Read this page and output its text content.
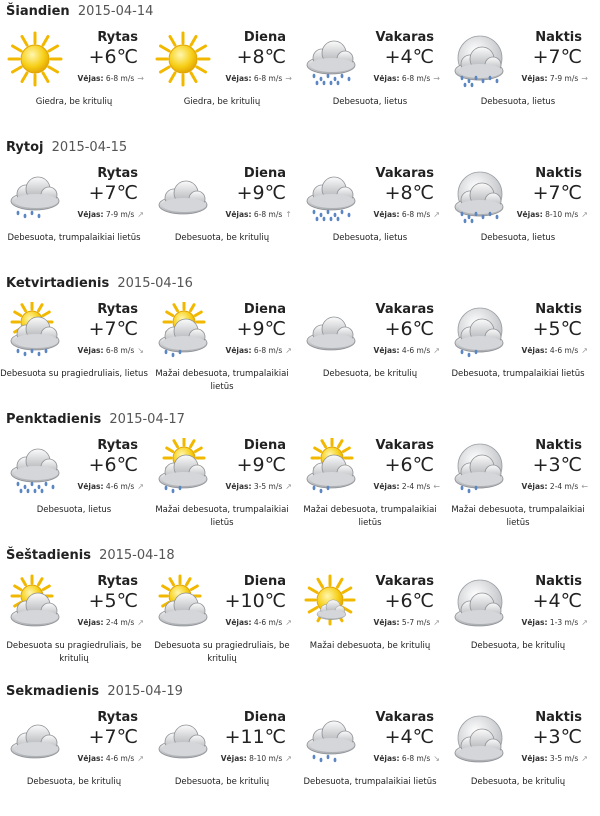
Šiandien 2015-04-14
Rytas
+6℃
Vėjas: 6-8 m/s →
Giedra, be kritulių
Diena
+8℃
Vėjas: 6-8 m/s →
Giedra, be kritulių
Vakaras
+4℃
Vėjas: 6-8 m/s →
Debesuota, lietus
Naktis
+7℃
Vėjas: 7-9 m/s →
Debesuota, lietus
Rytoj 2015-04-15
Rytas
+7℃
Vėjas: 7-9 m/s ↗
Debesuota, trumpalaikiai lietūs
Diena
+9℃
Vėjas: 6-8 m/s ↑
Debesuota, be kritulių
Vakaras
+8℃
Vėjas: 6-8 m/s ↗
Debesuota, lietus
Naktis
+7℃
Vėjas: 8-10 m/s ↗
Debesuota, lietus
Ketvirtadienis 2015-04-16
Rytas
+7℃
Vėjas: 6-8 m/s ↘
Debesuota su pragiedruliais, lietus
Diena
+9℃
Vėjas: 6-8 m/s ↗
Mažai debesuota, trumpalaikiai lietūs
Vakaras
+6℃
Vėjas: 4-6 m/s ↗
Debesuota, be kritulių
Naktis
+5℃
Vėjas: 4-6 m/s ↗
Debesuota, trumpalaikiai lietūs
Penktadienis 2015-04-17
Rytas
+6℃
Vėjas: 4-6 m/s ↗
Debesuota, lietus
Diena
+9℃
Vėjas: 3-5 m/s ↗
Mažai debesuota, trumpalaikiai lietūs
Vakaras
+6℃
Vėjas: 2-4 m/s ←
Mažai debesuota, trumpalaikiai lietūs
Naktis
+3℃
Vėjas: 2-4 m/s ←
Mažai debesuota, trumpalaikiai lietūs
Šeštadienis 2015-04-18
Rytas
+5℃
Vėjas: 2-4 m/s ↗
Debesuota su pragiedruliais, be kritulių
Diena
+10℃
Vėjas: 4-6 m/s ↗
Debesuota su pragiedruliais, be kritulių
Vakaras
+6℃
Vėjas: 5-7 m/s ↗
Mažai debesuota, be kritulių
Naktis
+4℃
Vėjas: 1-3 m/s ↗
Debesuota, be kritulių
Sekmadienis 2015-04-19
Rytas
+7℃
Vėjas: 4-6 m/s ↗
Debesuota, be kritulių
Diena
+11℃
Vėjas: 8-10 m/s ↗
Debesuota, be kritulių
Vakaras
+4℃
Vėjas: 6-8 m/s ↘
Debesuota, trumpalaikiai lietūs
Naktis
+3℃
Vėjas: 3-5 m/s ↗
Debesuota, be kritulių
